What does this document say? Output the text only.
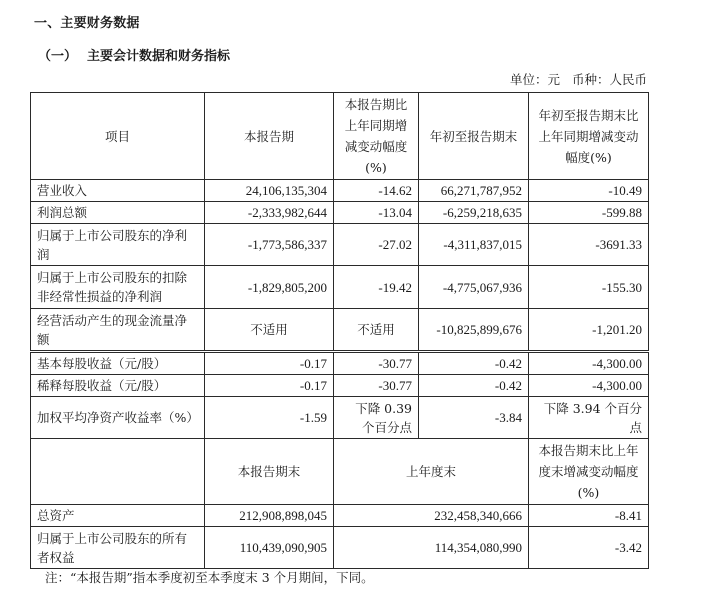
一、主要财务数据
（一） 主要会计数据和财务指标
单位：元 币种：人民币
项目	本报告期	本报告期比上年同期增减变动幅度(%)	年初至报告期末	年初至报告期末比上年同期增减变动幅度(%)
营业收入	24,106,135,304	-14.62	66,271,787,952	-10.49
利润总额	-2,333,982,644	-13.04	-6,259,218,635	-599.88
归属于上市公司股东的净利润	-1,773,586,337	-27.02	-4,311,837,015	-3691.33
归属于上市公司股东的扣除非经常性损益的净利润	-1,829,805,200	-19.42	-4,775,067,936	-155.30
经营活动产生的现金流量净额	不适用	不适用	-10,825,899,676	-1,201.20
基本每股收益（元/股）	-0.17	-30.77	-0.42	-4,300.00
稀释每股收益（元/股）	-0.17	-30.77	-0.42	-4,300.00
加权平均净资产收益率（%）	-1.59	下降 0.39 个百分点	-3.84	下降 3.94 个百分点
	本报告期末	上年度末		本报告期末比上年度末增减变动幅度(%)
总资产	212,908,898,045	232,458,340,666		-8.41
归属于上市公司股东的所有者权益	110,439,090,905	114,354,080,990		-3.42
注：“本报告期”指本季度初至本季度末 3 个月期间，下同。
